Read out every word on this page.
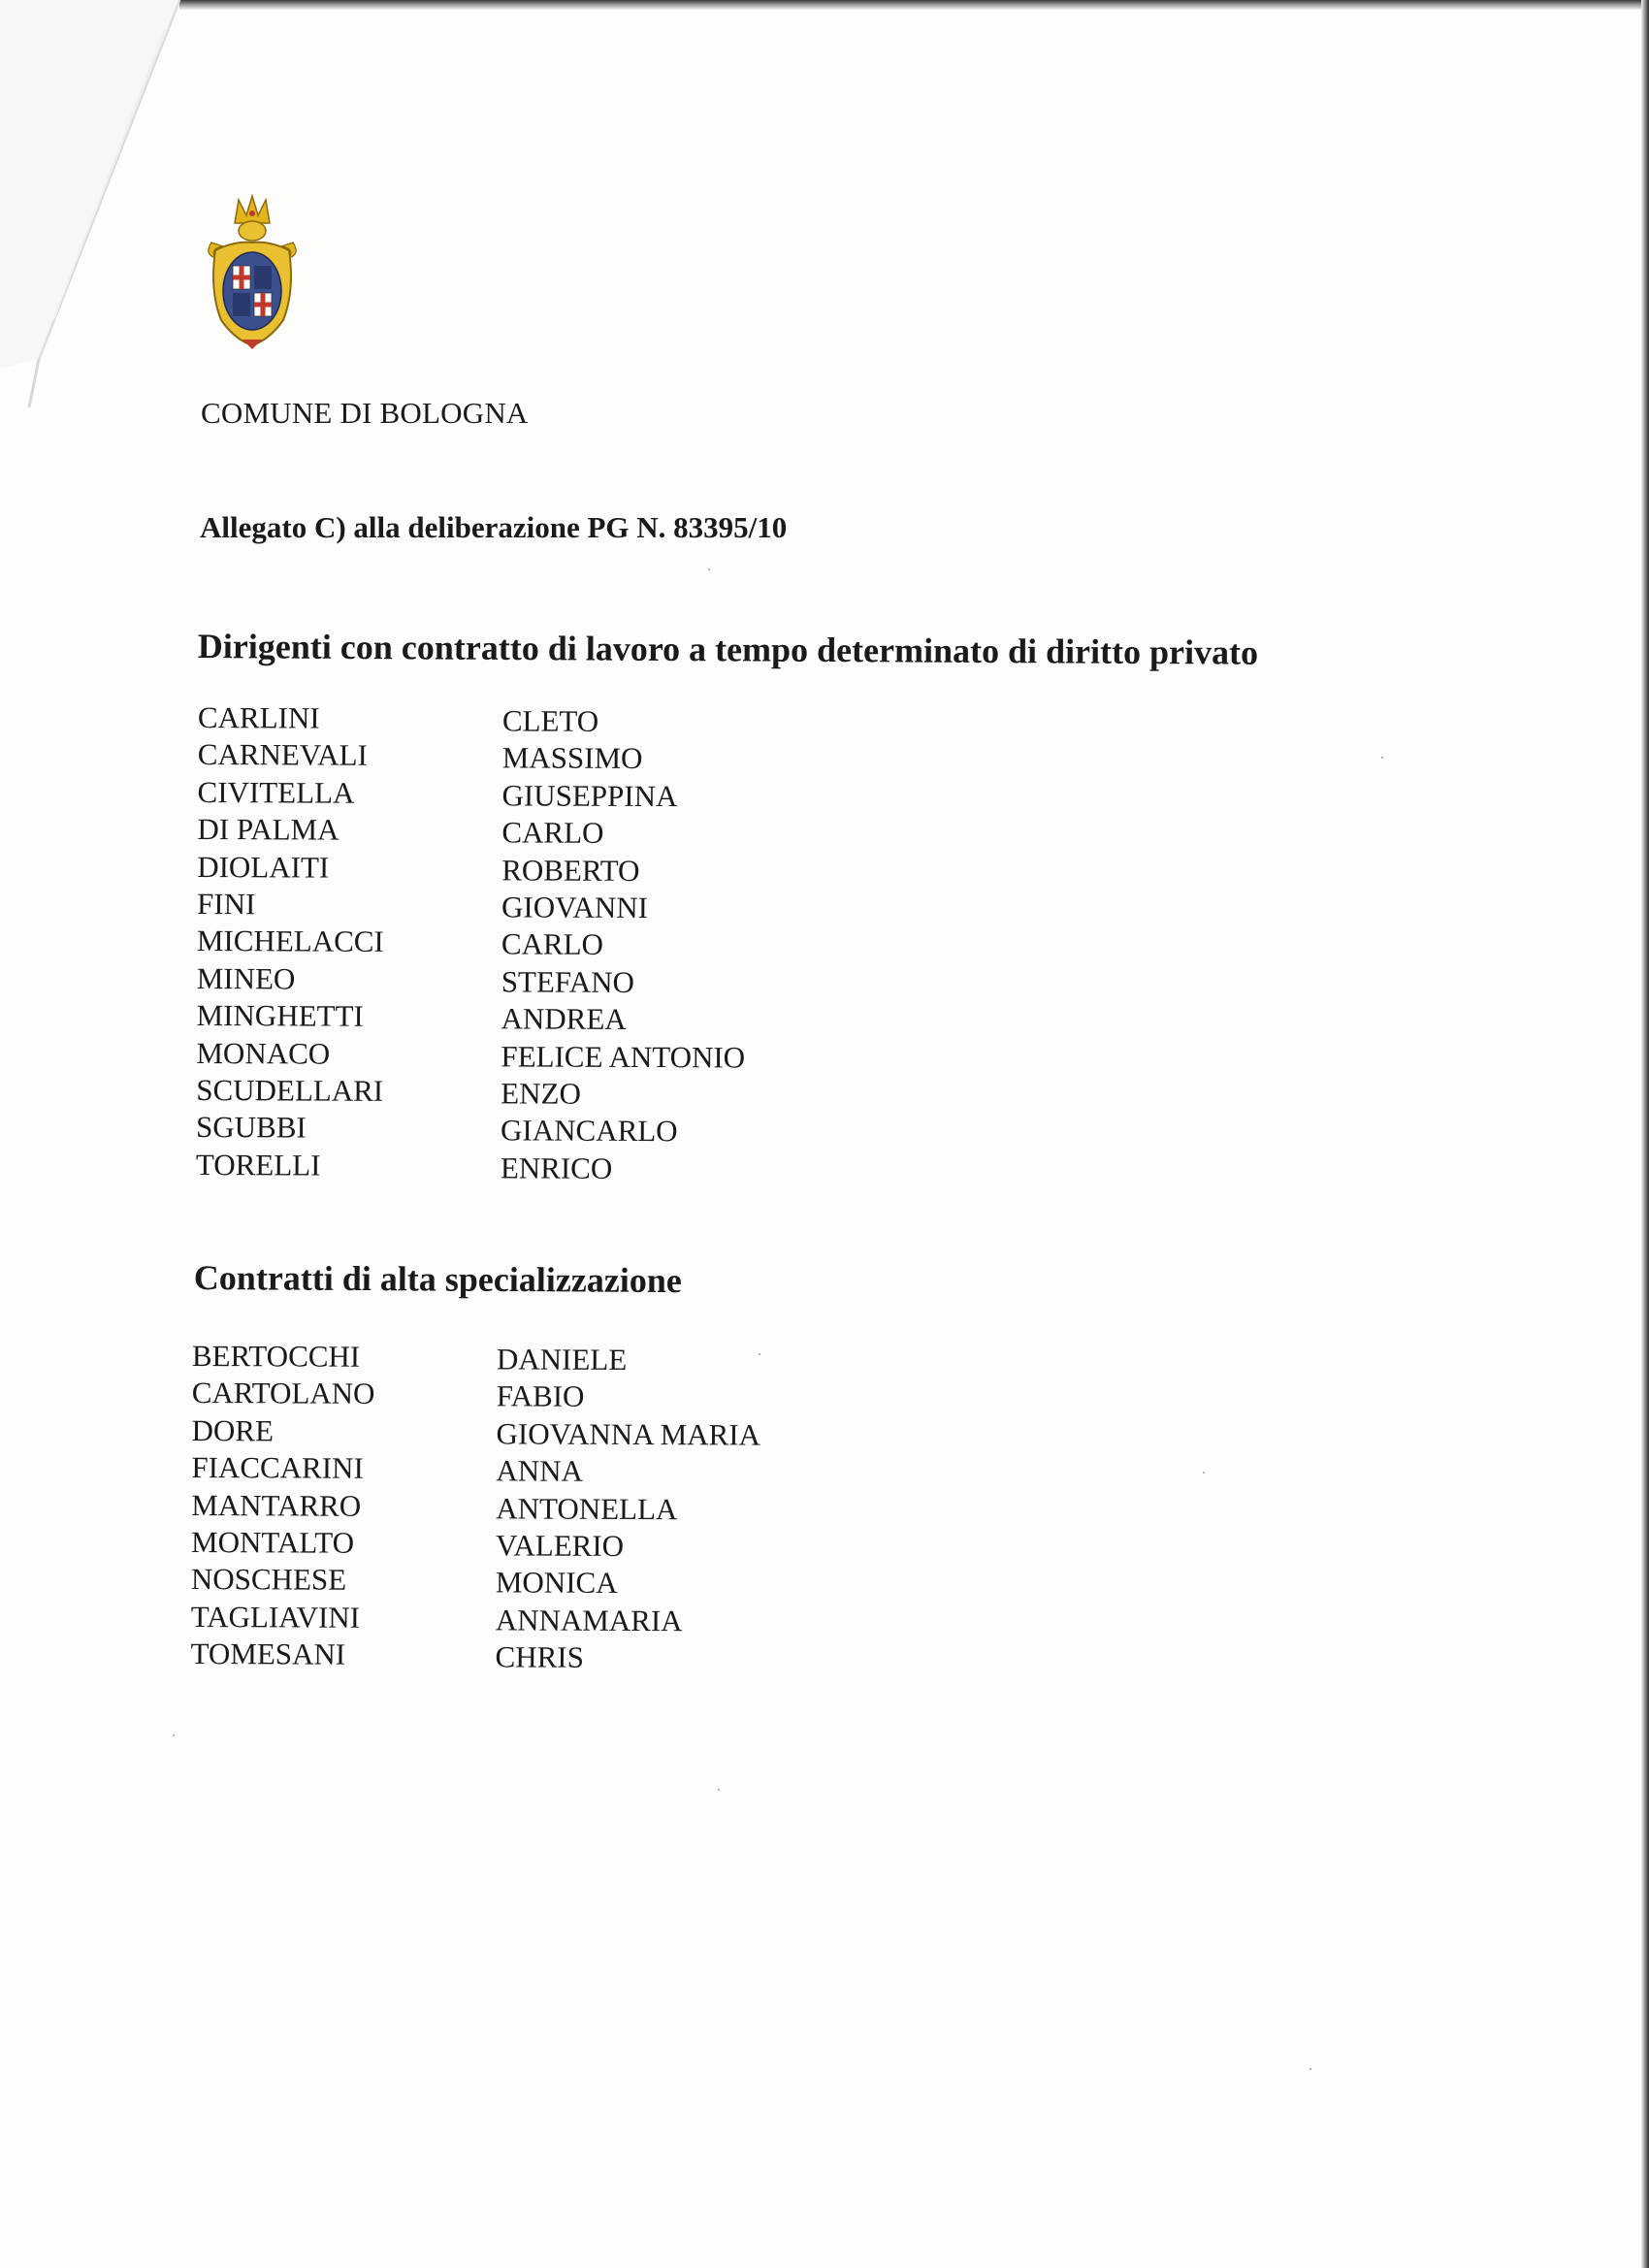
COMUNE DI BOLOGNA
Allegato C) alla deliberazione PG N. 83395/10
Dirigenti con contratto di lavoro a tempo determinato di diritto privato
CARLINI	CLETO
CARNEVALI	MASSIMO
CIVITELLA	GIUSEPPINA
DI PALMA	CARLO
DIOLAITI	ROBERTO
FINI	GIOVANNI
MICHELACCI	CARLO
MINEO	STEFANO
MINGHETTI	ANDREA
MONACO	FELICE ANTONIO
SCUDELLARI	ENZO
SGUBBI	GIANCARLO
TORELLI	ENRICO
Contratti di alta specializzazione
BERTOCCHI	DANIELE
CARTOLANO	FABIO
DORE	GIOVANNA MARIA
FIACCARINI	ANNA
MANTARRO	ANTONELLA
MONTALTO	VALERIO
NOSCHESE	MONICA
TAGLIAVINI	ANNAMARIA
TOMESANI	CHRIS
